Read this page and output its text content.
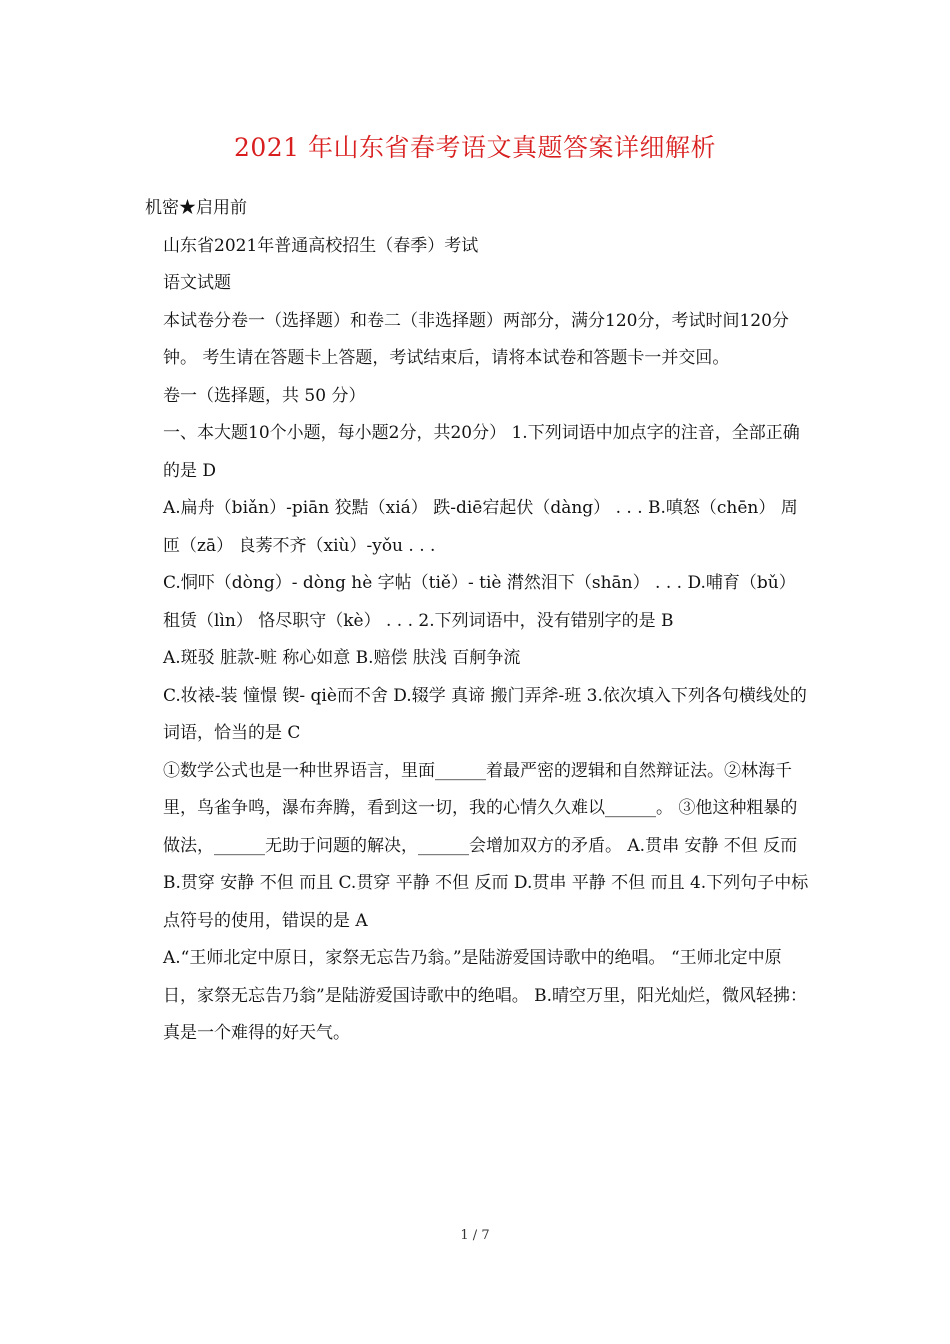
2021 年山东省春考语文真题答案详细解析

机密★启用前

山东省2021年普通高校招生（春季）考试

语文试题

本试卷分卷一（选择题）和卷二（非选择题）两部分，满分120分，考试时间120分钟。 考生请在答题卡上答题，考试结束后，请将本试卷和答题卡一并交回。

卷一（选择题，共 50 分）

一、本大题10个小题，每小题2分，共20分） 1.下列词语中加点字的注音，全部正确的是 D

A.扁舟（biǎn）-piān 狡黠（xiá） 跌-diē宕起伏（dàng） . . . B.嗔怒（chēn） 周匝（zā） 良莠不齐（xiù）-yǒu . . .

C.恫吓（dòng）- dòng hè 字帖（tiě）- tiè 潸然泪下（shān） . . . D.哺育（bǔ） 租赁（lìn） 恪尽职守（kè） . . . 2.下列词语中，没有错别字的是 B

A.斑驳 脏款-赃 称心如意 B.赔偿 肤浅 百舸争流

C.妆裱-装 憧憬 锲- qiè而不舍 D.辍学 真谛 搬门弄斧-班 3.依次填入下列各句横线处的词语，恰当的是 C

①数学公式也是一种世界语言，里面______着最严密的逻辑和自然辩证法。②林海千里，鸟雀争鸣，瀑布奔腾，看到这一切，我的心情久久难以______。 ③他这种粗暴的做法，______无助于问题的解决，______会增加双方的矛盾。 A.贯串 安静 不但 反而 B.贯穿 安静 不但 而且 C.贯穿 平静 不但 反而 D.贯串 平静 不但 而且 4.下列句子中标点符号的使用，错误的是 A

A.“王师北定中原日，家祭无忘告乃翁。”是陆游爱国诗歌中的绝唱。 “王师北定中原日，家祭无忘告乃翁”是陆游爱国诗歌中的绝唱。 B.晴空万里，阳光灿烂，微风轻拂：真是一个难得的好天气。

1 / 7
